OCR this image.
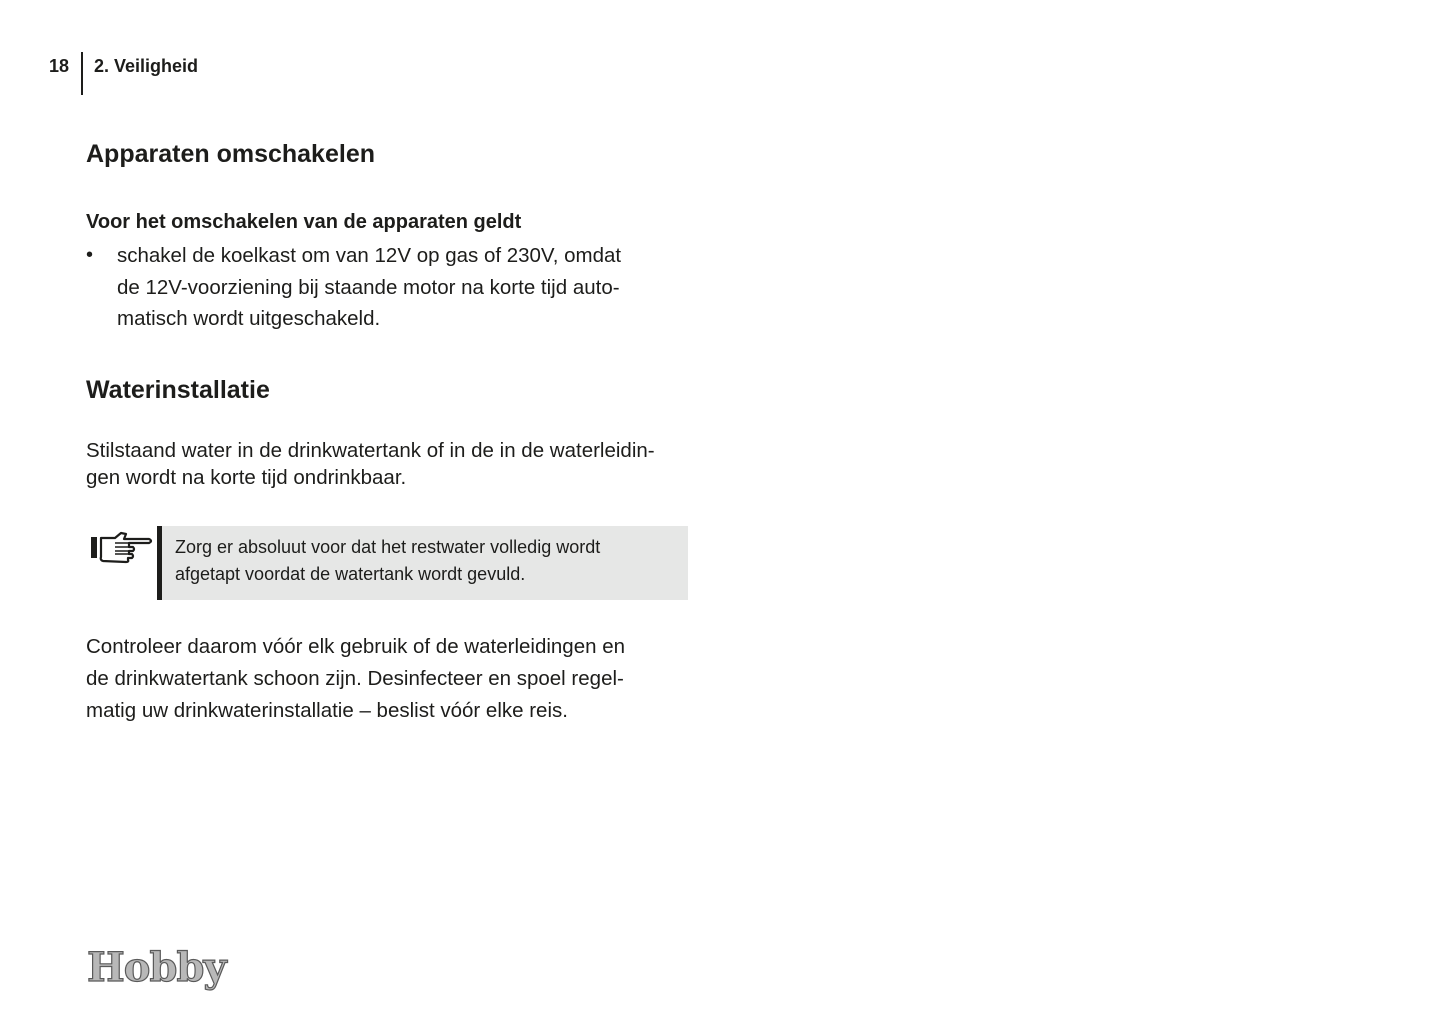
18 2. Veiligheid
Apparaten omschakelen
Voor het omschakelen van de apparaten geldt
• schakel de koelkast om van 12V op gas of 230V, omdat
de 12V-voorziening bij staande motor na korte tijd auto-
matisch wordt uitgeschakeld.
Waterinstallatie
Stilstaand water in de drinkwatertank of in de in de waterleidin-
gen wordt na korte tijd ondrinkbaar.
Controleer daarom vóór elk gebruik of de waterleidingen en
de drinkwatertank schoon zijn. Desinfecteer en spoel regel-
matig uw drinkwaterinstallatie – beslist vóór elke reis.
Zorg er absoluut voor dat het restwater volledig wordt
afgetapt voordat de watertank wordt gevuld.
Hobby
